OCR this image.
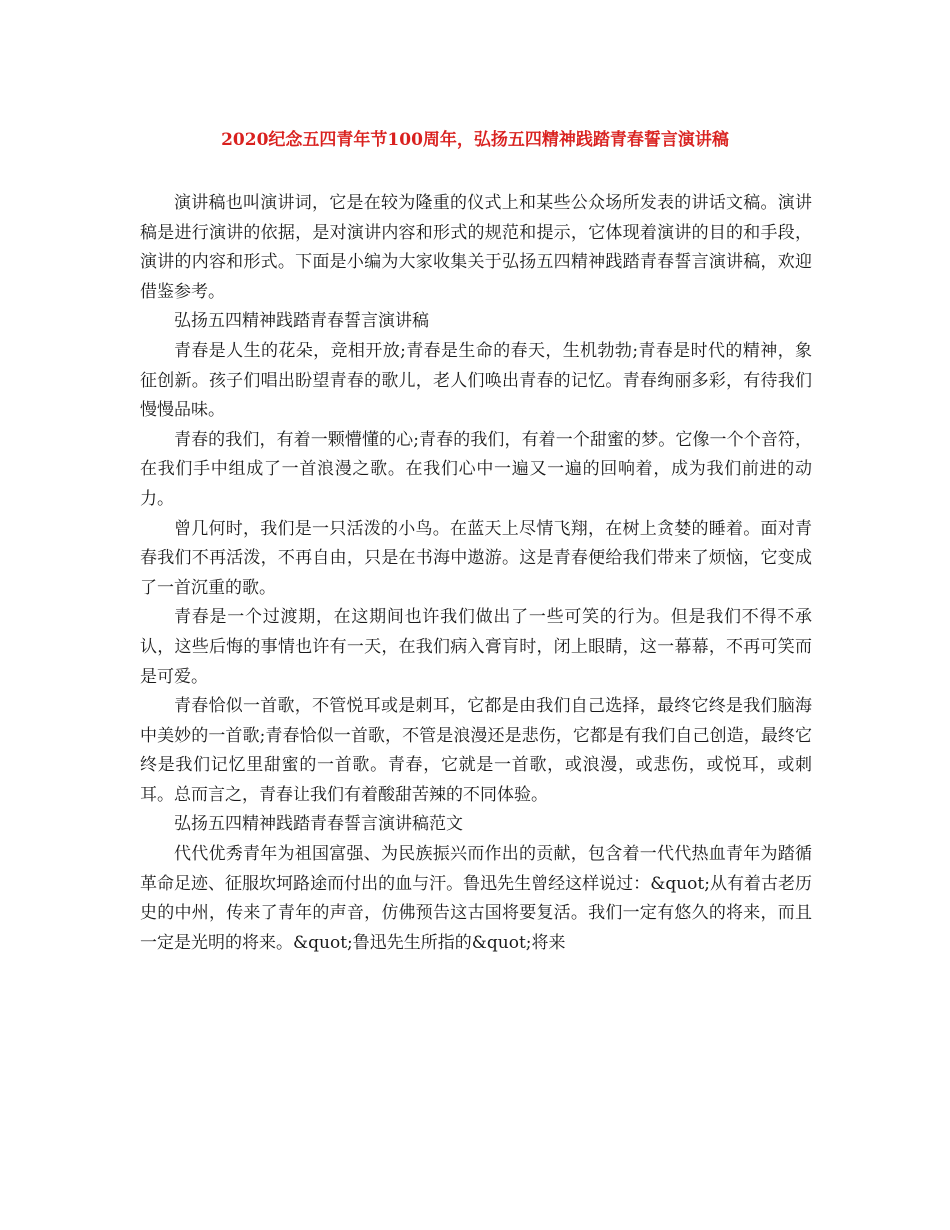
2020纪念五四青年节100周年，弘扬五四精神践踏青春誓言演讲稿

演讲稿也叫演讲词，它是在较为隆重的仪式上和某些公众场所发表的讲话文稿。演讲稿是进行演讲的依据，是对演讲内容和形式的规范和提示，它体现着演讲的目的和手段，演讲的内容和形式。下面是小编为大家收集关于弘扬五四精神践踏青春誓言演讲稿，欢迎借鉴参考。

弘扬五四精神践踏青春誓言演讲稿

青春是人生的花朵，竞相开放;青春是生命的春天，生机勃勃;青春是时代的精神，象征创新。孩子们唱出盼望青春的歌儿，老人们唤出青春的记忆。青春绚丽多彩，有待我们慢慢品味。

青春的我们，有着一颗懵懂的心;青春的我们，有着一个甜蜜的梦。它像一个个音符，在我们手中组成了一首浪漫之歌。在我们心中一遍又一遍的回响着，成为我们前进的动力。

曾几何时，我们是一只活泼的小鸟。在蓝天上尽情飞翔，在树上贪婪的睡着。面对青春我们不再活泼，不再自由，只是在书海中遨游。这是青春便给我们带来了烦恼，它变成了一首沉重的歌。

青春是一个过渡期，在这期间也许我们做出了一些可笑的行为。但是我们不得不承认，这些后悔的事情也许有一天，在我们病入膏肓时，闭上眼睛，这一幕幕，不再可笑而是可爱。

青春恰似一首歌，不管悦耳或是刺耳，它都是由我们自己选择，最终它终是我们脑海中美妙的一首歌;青春恰似一首歌，不管是浪漫还是悲伤，它都是有我们自己创造，最终它终是我们记忆里甜蜜的一首歌。青春，它就是一首歌，或浪漫，或悲伤，或悦耳，或刺耳。总而言之，青春让我们有着酸甜苦辣的不同体验。

弘扬五四精神践踏青春誓言演讲稿范文

代代优秀青年为祖国富强、为民族振兴而作出的贡献，包含着一代代热血青年为踏循革命足迹、征服坎坷路途而付出的血与汗。鲁迅先生曾经这样说过：&quot;从有着古老历史的中州，传来了青年的声音，仿佛预告这古国将要复活。我们一定有悠久的将来，而且一定是光明的将来。&quot;鲁迅先生所指的&quot;将来
